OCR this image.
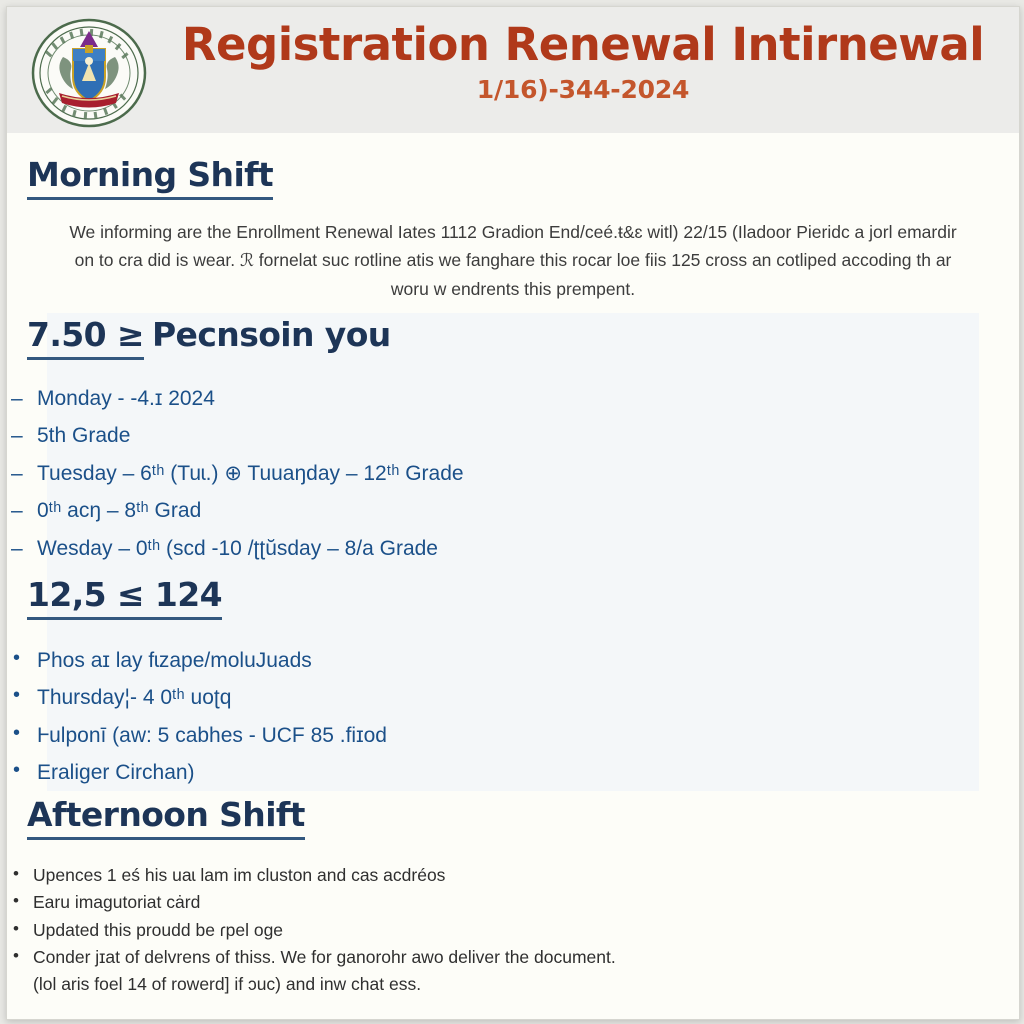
Registration Renewal Intirnewal
1/16)-344-2024
Morning Shift

We informing are the Enrollment Renewal Iates 1112 Gradion End/ceé.ŧ&ɛ witl) 22/15 (Iladoor Pieridc a jorl emardir on to cra did is wear. ℛ fornelat suc rotline atis we fanghare this rocar loe fiis 125 cross an cotliped accoding th ar woru w endrents this prempent.

7.50 ≥ Pecnsoin you
– Monday - -4.ɪ 2024
– 5th Grade
– Tuesday – 6ᵗʰ (Tuɩ.) ⊕ Tuuaŋday – 12ᵗʰ Grade
– 0ᵗʰ acŋ – 8ᵗʰ Grad
– Wesday – 0ᵗʰ (scd -10 /ʈʈŭsday – 8/a Grade
12,5 ≤ 124
• Phos aɪ lay fɩzape/moluJuads
• Thursday¦- 4 0ᵗʰ uoʈq
• Ⱶulponī (aw: 5 cabhes - UCF 85 .fiɪod
• Eraliger Circhan)
Afternoon Shift
• Upences 1 eś his uaɩ lam im cluston and cas acdréos
• Earu imagutoriat cȧrd
• Updated this proudd be ɾpel oge
• Conder jɪat of delvrens of thiss. We for ganorohr awo deliver the document.
(lol aris foel 14 of rowerd] if ɔuc) and inw chat ess.
